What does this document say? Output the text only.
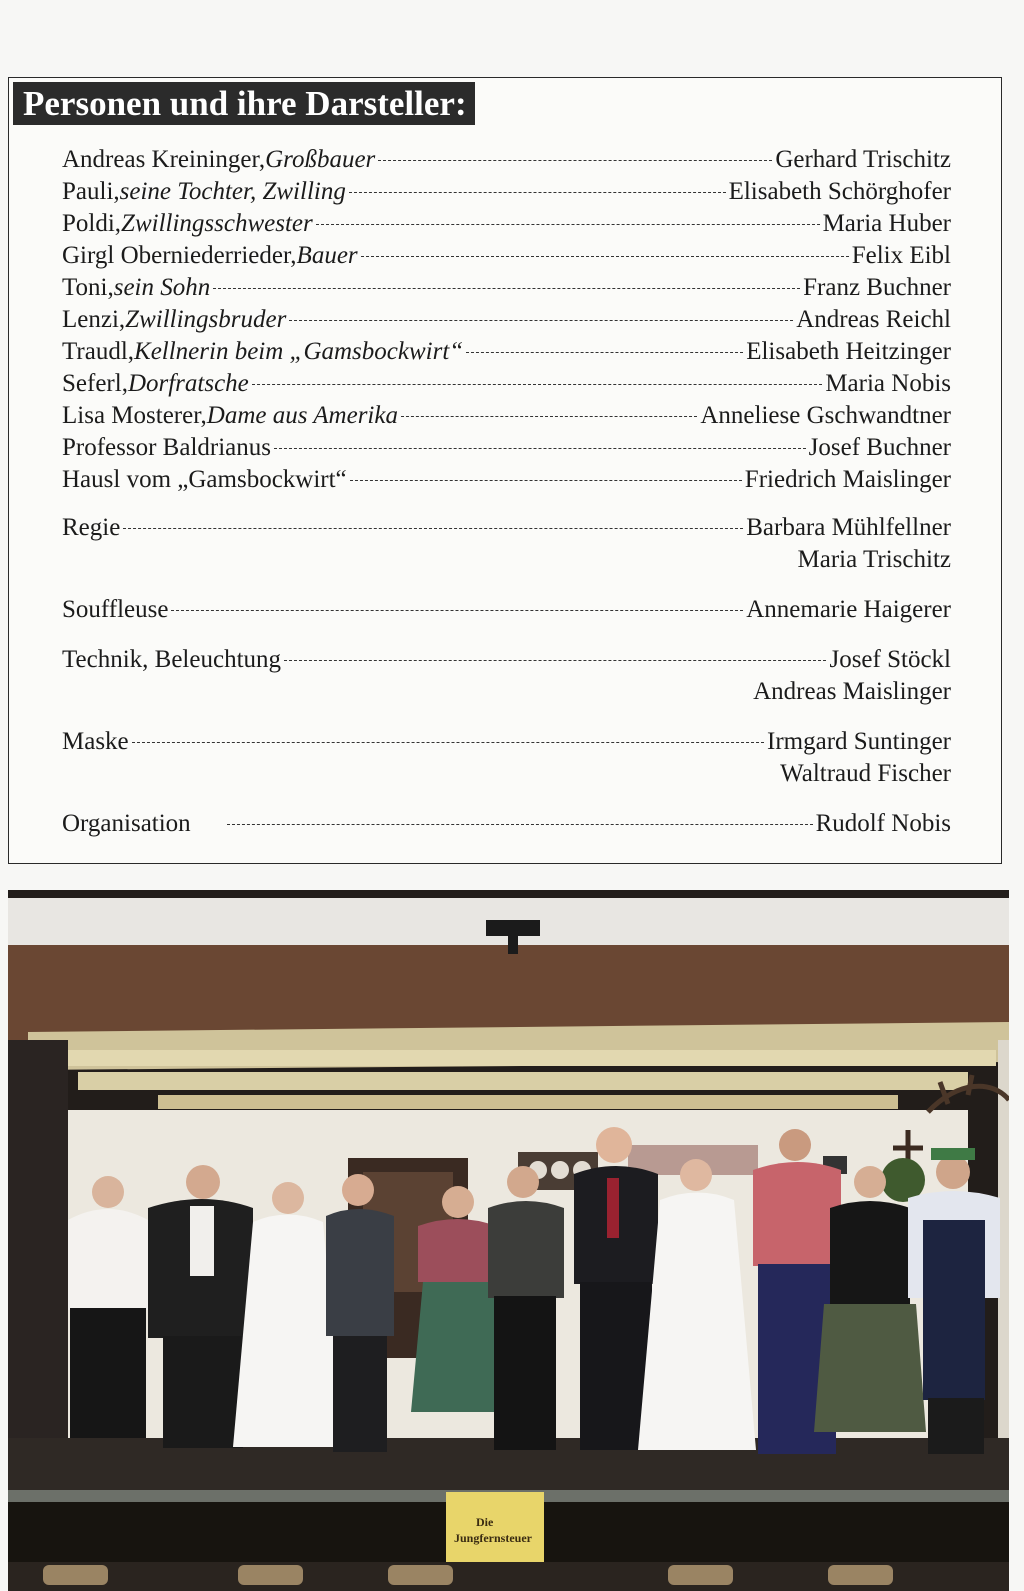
Personen und ihre Darsteller:
Andreas Kreininger, Großbauer	Gerhard Trischitz
Pauli, seine Tochter, Zwilling	Elisabeth Schörghofer
Poldi, Zwillingsschwester	Maria Huber
Girgl Oberniederrieder, Bauer	Felix Eibl
Toni, sein Sohn	Franz Buchner
Lenzi, Zwillingsbruder	Andreas Reichl
Traudl, Kellnerin beim „Gamsbockwirt“	Elisabeth Heitzinger
Seferl, Dorfratsche	Maria Nobis
Lisa Mosterer, Dame aus Amerika	Anneliese Gschwandtner
Professor Baldrianus	Josef Buchner
Hausl vom „Gamsbockwirt“	Friedrich Maislinger
Regie	Barbara Mühlfellner
Maria Trischitz
Souffleuse	Annemarie Haigerer
Technik, Beleuchtung	Josef Stöckl
Andreas Maislinger
Maske	Irmgard Suntinger
Waltraud Fischer
Organisation	Rudolf Nobis
Die
Jungfernsteuer
